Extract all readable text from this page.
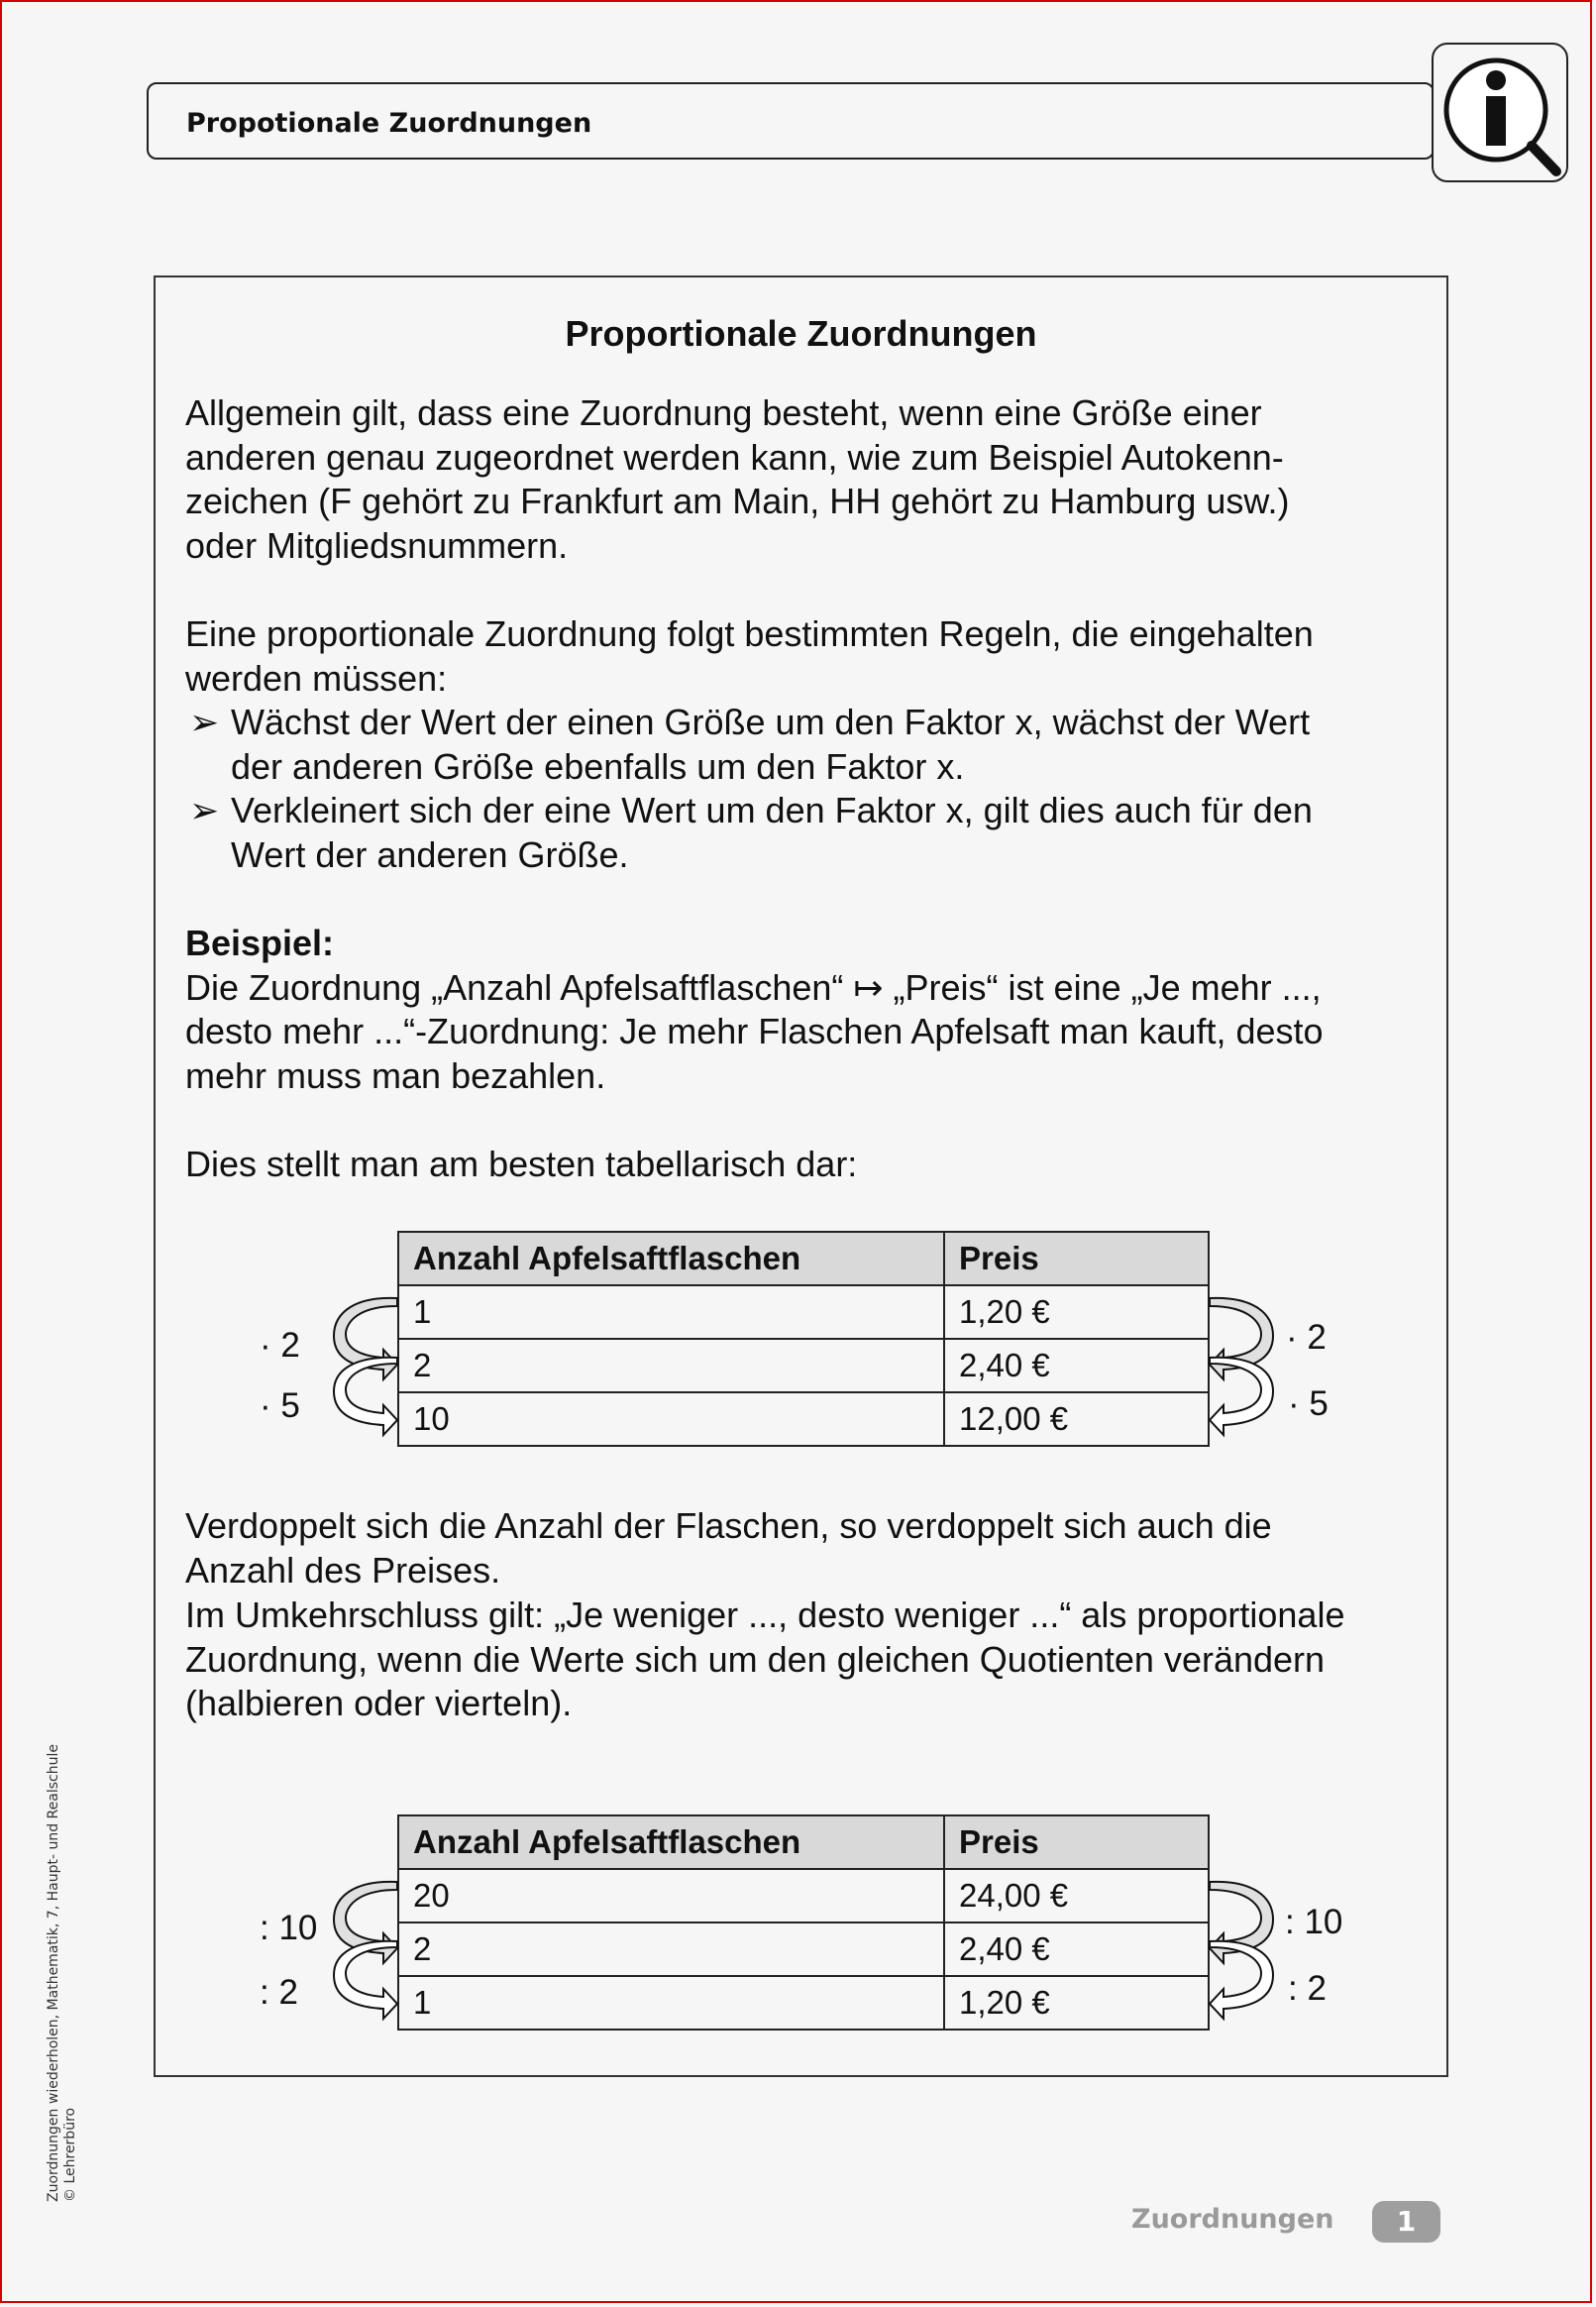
Propotionale Zuordnungen
Proportionale Zuordnungen
Allgemein gilt, dass eine Zuordnung besteht, wenn eine Größe einer
anderen genau zugeordnet werden kann, wie zum Beispiel Autokenn-
zeichen (F gehört zu Frankfurt am Main, HH gehört zu Hamburg usw.)
oder Mitgliedsnummern.
Eine proportionale Zuordnung folgt bestimmten Regeln, die eingehalten
werden müssen:
➢ Wächst der Wert der einen Größe um den Faktor x, wächst der Wert
der anderen Größe ebenfalls um den Faktor x.
➢ Verkleinert sich der eine Wert um den Faktor x, gilt dies auch für den
Wert der anderen Größe.
Beispiel:
Die Zuordnung „Anzahl Apfelsaftflaschen“ ↦ „Preis“ ist eine „Je mehr ...,
desto mehr ...“-Zuordnung: Je mehr Flaschen Apfelsaft man kauft, desto
mehr muss man bezahlen.
Dies stellt man am besten tabellarisch dar:
Anzahl Apfelsaftflaschen	Preis
1	1,20 €
2	2,40 €
10	12,00 €
· 2
· 5
· 2
· 5
Verdoppelt sich die Anzahl der Flaschen, so verdoppelt sich auch die
Anzahl des Preises.
Im Umkehrschluss gilt: „Je weniger ..., desto weniger ...“ als proportionale
Zuordnung, wenn die Werte sich um den gleichen Quotienten verändern
(halbieren oder vierteln).
Anzahl Apfelsaftflaschen	Preis
20	24,00 €
2	2,40 €
1	1,20 €
: 10
: 2
: 10
: 2
Zuordnungen wiederholen, Mathematik, 7, Haupt- und Realschule © Lehrerbüro
Zuordnungen	1
